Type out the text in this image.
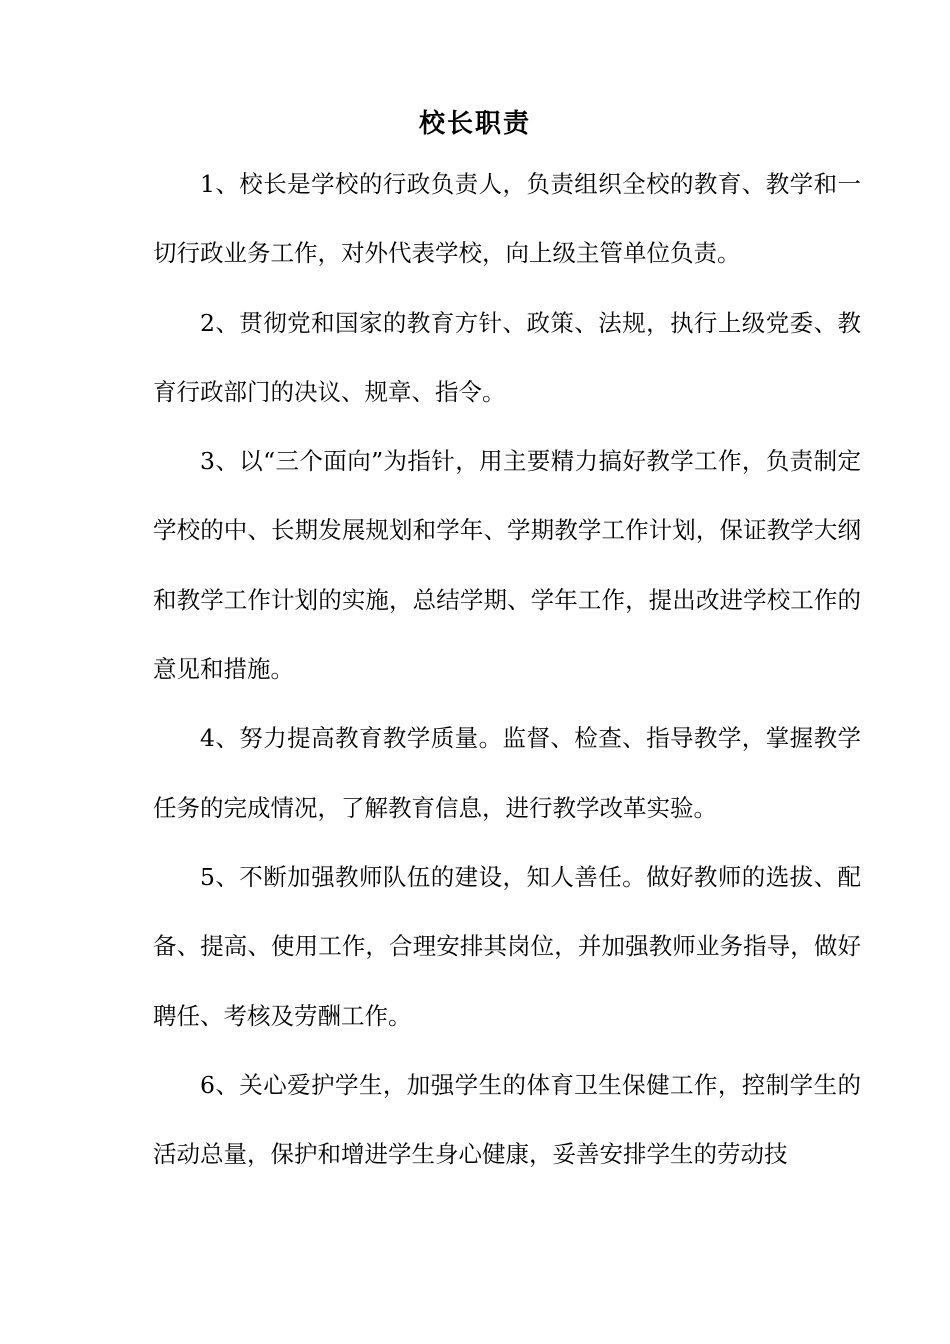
校长职责

1、校长是学校的行政负责人，负责组织全校的教育、教学和一切行政业务工作，对外代表学校，向上级主管单位负责。

2、贯彻党和国家的教育方针、政策、法规，执行上级党委、教育行政部门的决议、规章、指令。

3、以“三个面向”为指针，用主要精力搞好教学工作，负责制定学校的中、长期发展规划和学年、学期教学工作计划，保证教学大纲和教学工作计划的实施，总结学期、学年工作，提出改进学校工作的意见和措施。

4、努力提高教育教学质量。监督、检查、指导教学，掌握教学任务的完成情况，了解教育信息，进行教学改革实验。

5、不断加强教师队伍的建设，知人善任。做好教师的选拔、配备、提高、使用工作，合理安排其岗位，并加强教师业务指导，做好聘任、考核及劳酬工作。

6、关心爱护学生，加强学生的体育卫生保健工作，控制学生的活动总量，保护和增进学生身心健康，妥善安排学生的劳动技
